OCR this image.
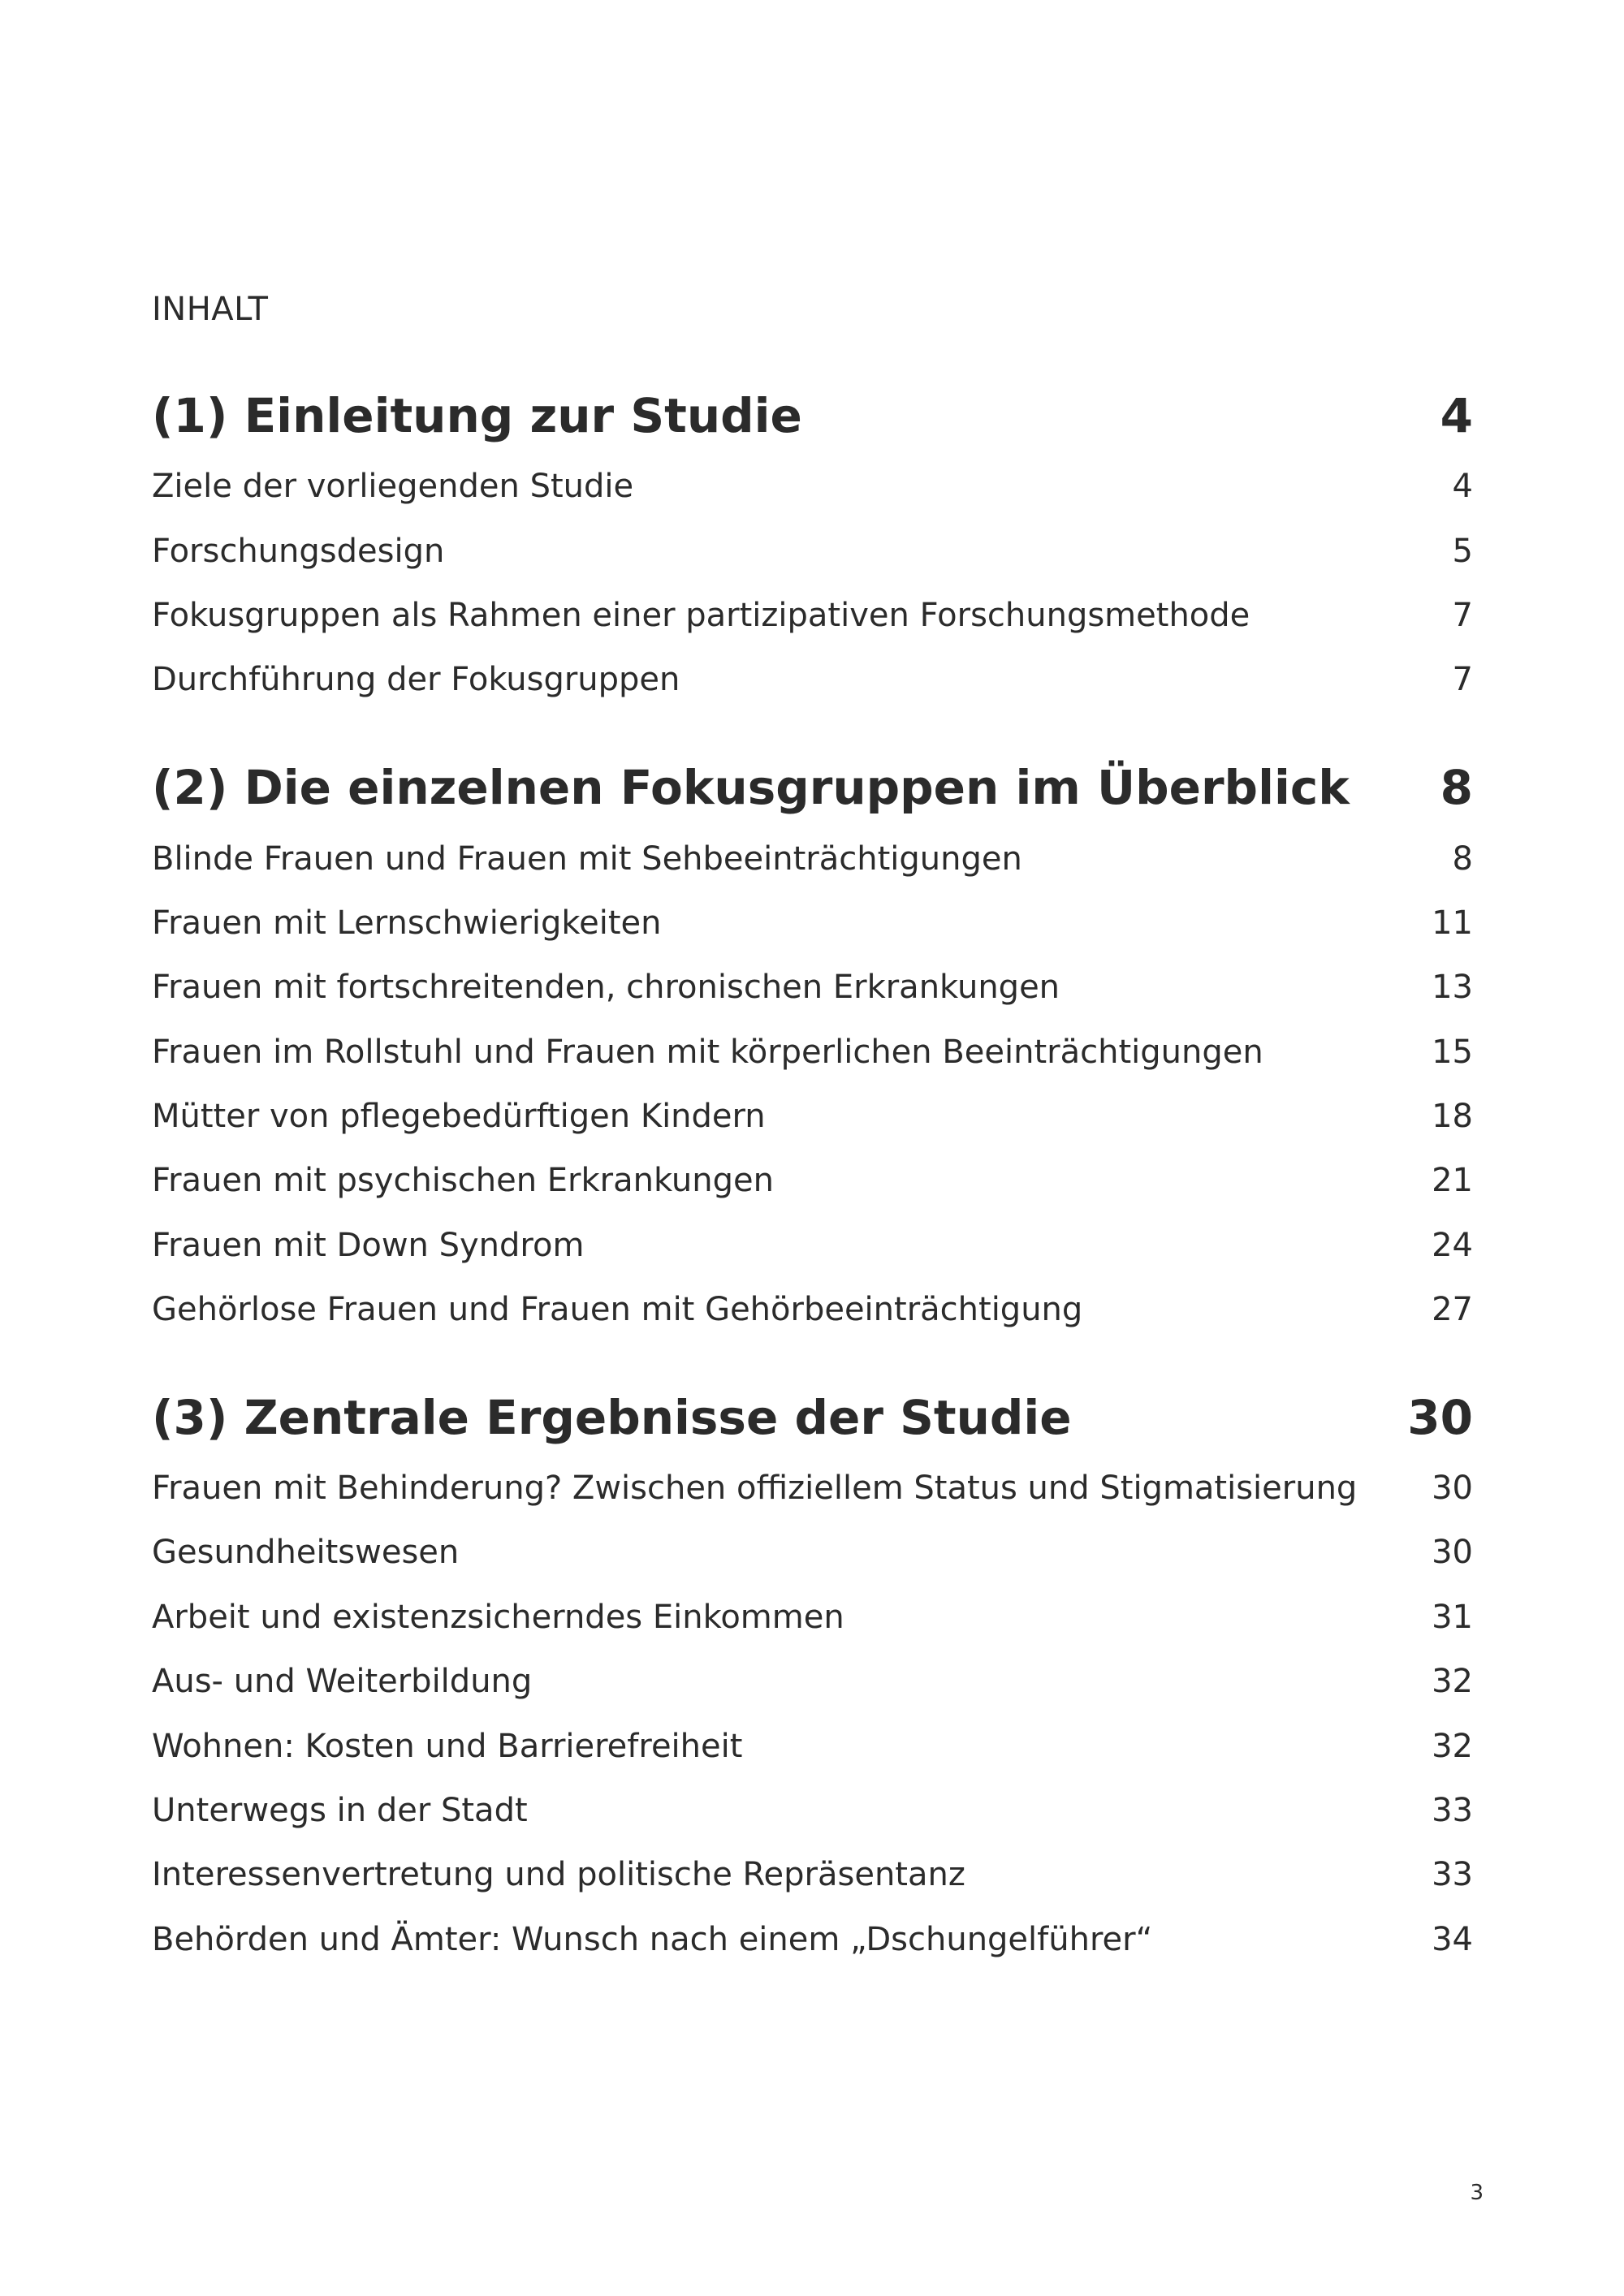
INHALT
(1) Einleitung zur Studie	4
Ziele der vorliegenden Studie	4
Forschungsdesign	5
Fokusgruppen als Rahmen einer partizipativen Forschungsmethode	7
Durchführung der Fokusgruppen	7
(2) Die einzelnen Fokusgruppen im Überblick 8
Blinde Frauen und Frauen mit Sehbeeinträchtigungen	8
Frauen mit Lernschwierigkeiten	11
Frauen mit fortschreitenden, chronischen Erkrankungen	13
Frauen im Rollstuhl und Frauen mit körperlichen Beeinträchtigungen	15
Mütter von pflegebedürftigen Kindern	18
Frauen mit psychischen Erkrankungen	21
Frauen mit Down Syndrom	24
Gehörlose Frauen und Frauen mit Gehörbeeinträchtigung	27
(3) Zentrale Ergebnisse der Studie	30
Frauen mit Behinderung? Zwischen offiziellem Status und Stigmatisierung 30
Gesundheitswesen	30
Arbeit und existenzsicherndes Einkommen	31
Aus- und Weiterbildung	32
Wohnen: Kosten und Barrierefreiheit	32
Unterwegs in der Stadt	33
Interessenvertretung und politische Repräsentanz	33
Behörden und Ämter: Wunsch nach einem „Dschungelführer“	34
3
